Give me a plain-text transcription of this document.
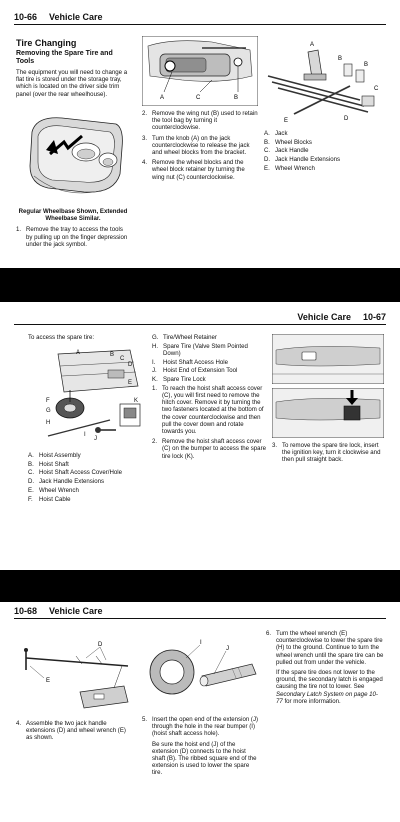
10-66 Vehicle Care
Tire Changing
Removing the Spare Tire and Tools
The equipment you will need to change a flat tire is stored under the storage tray, which is located on the driver side trim panel (over the rear wheelhouse).
Regular Wheelbase Shown, Extended Wheelbase Similar.
1. Remove the tray to access the tools by pulling up on the finger depression under the jack symbol.
A	C	B
2. Remove the wing nut (B) used to retain the tool bag by turning it counterclockwise.
3. Turn the knob (A) on the jack counterclockwise to release the jack and wheel blocks from the bracket.
4. Remove the wheel blocks and the wheel block retainer by turning the wing nut (C) counterclockwise.
A
B
B
C
D
E
A. Jack
B. Wheel Blocks
C. Jack Handle
D. Jack Handle Extensions
E. Wheel Wrench
Vehicle Care 10-67
To access the spare tire:
A	B
C
D
E
F
G
H
I
J
K
A. Hoist Assembly
B. Hoist Shaft
C. Hoist Shaft Access Cover/Hole
D. Jack Handle Extensions
E. Wheel Wrench
F.	Hoist Cable
G. Tire/Wheel Retainer
H. Spare Tire (Valve Stem Pointed Down)
I.	Hoist Shaft Access Hole
J.	Hoist End of Extension Tool
K. Spare Tire Lock
1. To reach the hoist shaft access cover (C), you will first need to remove the hitch cover. Remove it by turning the two fasteners located at the bottom of the cover counterclockwise and then pull the cover down and rotate towards you.
2. Remove the hoist shaft access cover (C) on the bumper to access the spare tire lock (K).
3. To remove the spare tire lock, insert the ignition key, turn it clockwise and then pull straight back.
10-68 Vehicle Care
D
E
4. Assemble the two jack handle extensions (D) and wheel wrench (E) as shown.
I
J
5. Insert the open end of the extension (J) through the hole in the rear bumper (I) (hoist shaft access hole).
Be sure the hoist end (J) of the extension (D) connects to the hoist shaft (B). The ribbed square end of the extension is used to lower the spare tire.
6. Turn the wheel wrench (E) counterclockwise to lower the spare tire (H) to the ground. Continue to turn the wheel wrench until the spare tire can be pulled out from under the vehicle.
If the spare tire does not lower to the ground, the secondary latch is engaged causing the tire not to lower. See Secondary Latch System on page 10-77 for more information.
